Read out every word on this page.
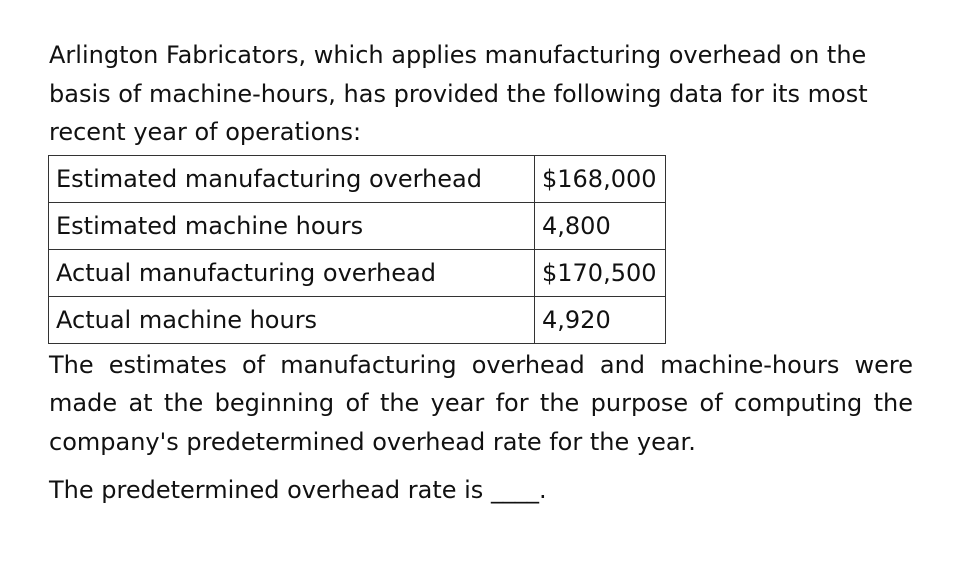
Arlington Fabricators, which applies manufacturing overhead on the basis of machine-hours, has provided the following data for its most recent year of operations:

Estimated manufacturing overhead	$168,000
Estimated machine hours	4,800
Actual manufacturing overhead	$170,500
Actual machine hours	4,920

The estimates of manufacturing overhead and machine-hours were made at the beginning of the year for the purpose of computing the company's predetermined overhead rate for the year.

The predetermined overhead rate is ____.
